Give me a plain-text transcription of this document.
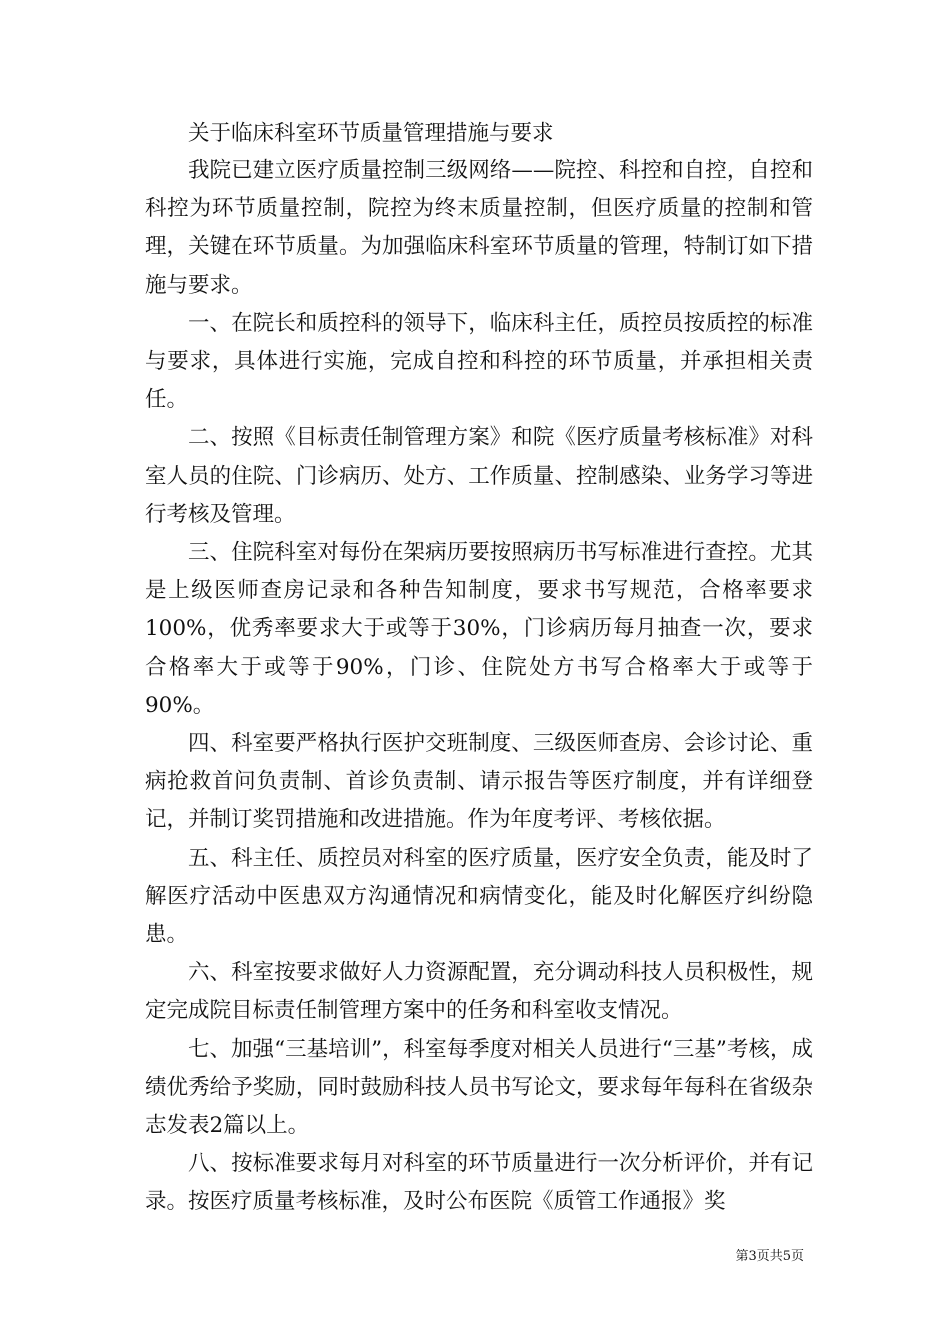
关于临床科室环节质量管理措施与要求

我院已建立医疗质量控制三级网络——院控、科控和自控，自控和科控为环节质量控制，院控为终末质量控制，但医疗质量的控制和管理，关键在环节质量。为加强临床科室环节质量的管理，特制订如下措施与要求。

一、在院长和质控科的领导下，临床科主任，质控员按质控的标准与要求，具体进行实施，完成自控和科控的环节质量，并承担相关责任。

二、按照《目标责任制管理方案》和院《医疗质量考核标准》对科室人员的住院、门诊病历、处方、工作质量、控制感染、业务学习等进行考核及管理。

三、住院科室对每份在架病历要按照病历书写标准进行查控。尤其是上级医师查房记录和各种告知制度，要求书写规范，合格率要求100%，优秀率要求大于或等于30%，门诊病历每月抽查一次，要求合格率大于或等于90%，门诊、住院处方书写合格率大于或等于90%。

四、科室要严格执行医护交班制度、三级医师查房、会诊讨论、重病抢救首问负责制、首诊负责制、请示报告等医疗制度，并有详细登记，并制订奖罚措施和改进措施。作为年度考评、考核依据。

五、科主任、质控员对科室的医疗质量，医疗安全负责，能及时了解医疗活动中医患双方沟通情况和病情变化，能及时化解医疗纠纷隐患。

六、科室按要求做好人力资源配置，充分调动科技人员积极性，规定完成院目标责任制管理方案中的任务和科室收支情况。

七、加强“三基培训”，科室每季度对相关人员进行“三基”考核，成绩优秀给予奖励，同时鼓励科技人员书写论文，要求每年每科在省级杂志发表2篇以上。

八、按标准要求每月对科室的环节质量进行一次分析评价，并有记录。按医疗质量考核标准，及时公布医院《质管工作通报》奖

第3页共5页
